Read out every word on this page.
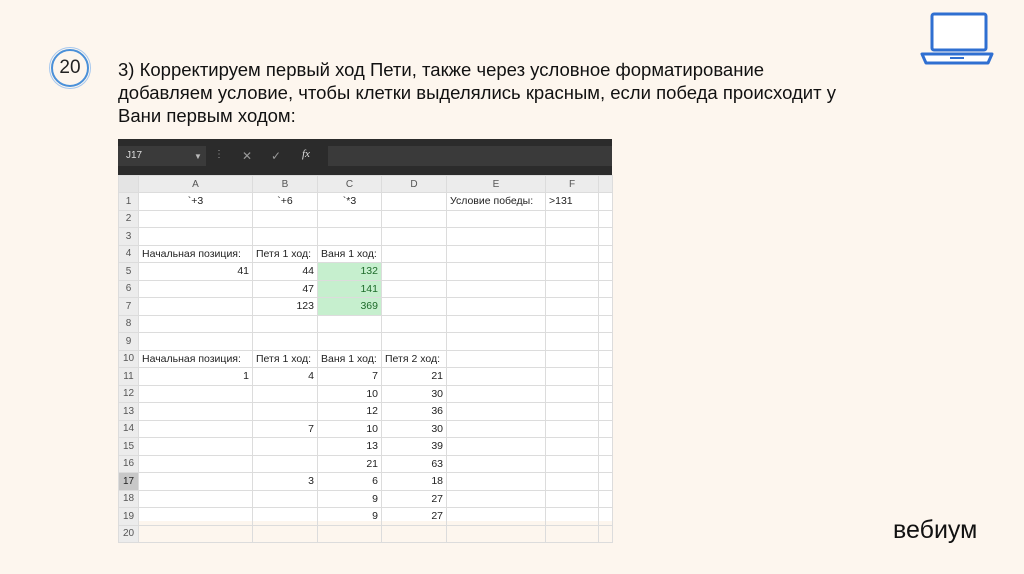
20 3) Корректируем первый ход Пети, также через условное форматирование добавляем условие, чтобы клетки выделялись красным, если победа происходит у Вани первым ходом:

J17	▼ ⋮ ✕ ✓ fx
	A	B	C	D	E	F	
1	`+3	`+6	`*3		Условие победы:	>131	
2							
3							
4	Начальная позиция:	Петя 1 ход:	Ваня 1 ход:				
5	41	44	132				
6		47	141				
7		123	369				
8							
9							
10	Начальная позиция:	Петя 1 ход:	Ваня 1 ход:	Петя 2 ход:			
11	1	4	7	21			
12			10	30			
13			12	36			
14		7	10	30			
15			13	39			
16			21	63			
17		3	6	18			
18			9	27			
19			9	27			
20								вебиум
